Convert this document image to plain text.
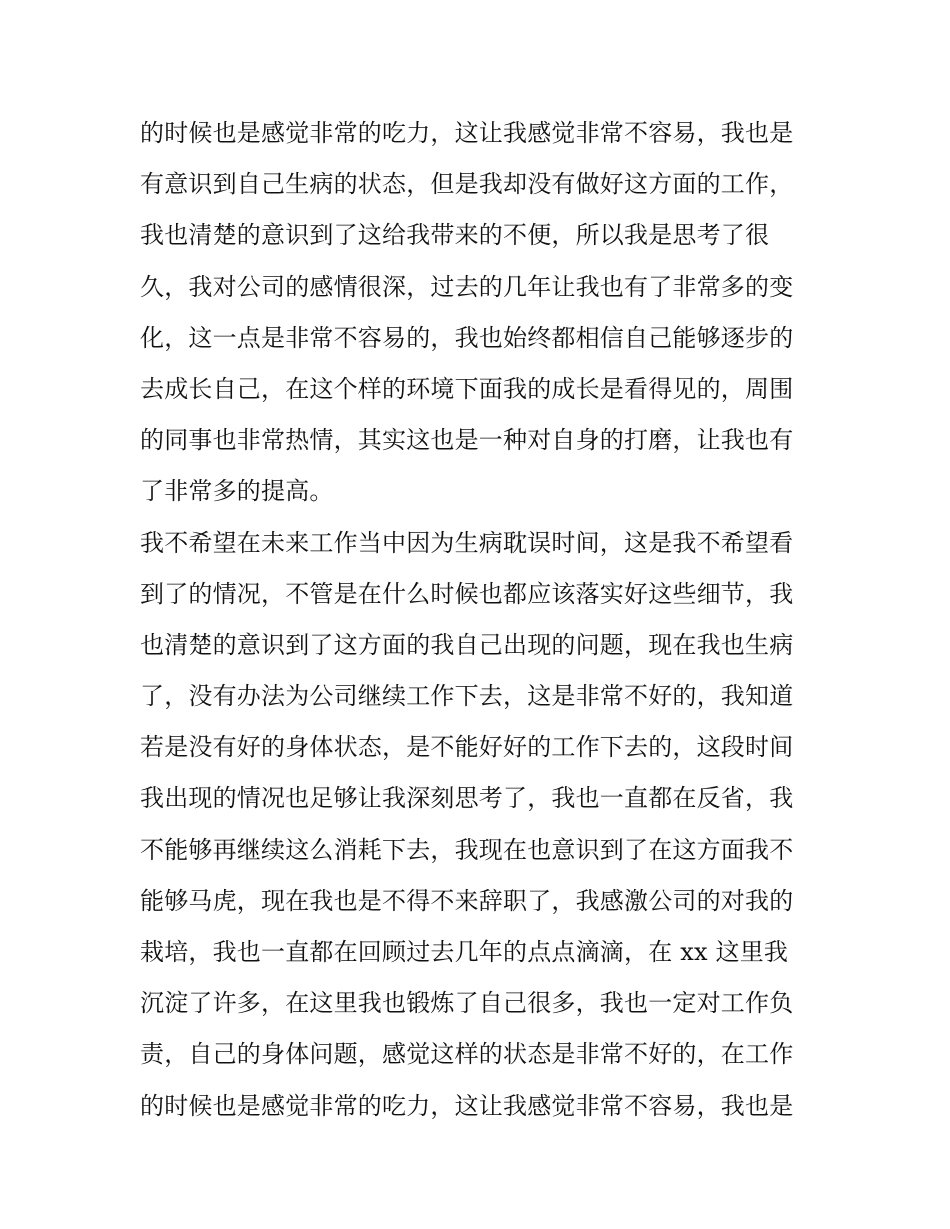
的时候也是感觉非常的吃力，这让我感觉非常不容易，我也是
有意识到自己生病的状态，但是我却没有做好这方面的工作，
我也清楚的意识到了这给我带来的不便，所以我是思考了很
久，我对公司的感情很深，过去的几年让我也有了非常多的变
化，这一点是非常不容易的，我也始终都相信自己能够逐步的
去成长自己，在这个样的环境下面我的成长是看得见的，周围
的同事也非常热情，其实这也是一种对自身的打磨，让我也有
了非常多的提高。
我不希望在未来工作当中因为生病耽误时间，这是我不希望看
到了的情况，不管是在什么时候也都应该落实好这些细节，我
也清楚的意识到了这方面的我自己出现的问题，现在我也生病
了，没有办法为公司继续工作下去，这是非常不好的，我知道
若是没有好的身体状态，是不能好好的工作下去的，这段时间
我出现的情况也足够让我深刻思考了，我也一直都在反省，我
不能够再继续这么消耗下去，我现在也意识到了在这方面我不
能够马虎，现在我也是不得不来辞职了，我感激公司的对我的
栽培，我也一直都在回顾过去几年的点点滴滴，在 xx 这里我
沉淀了许多，在这里我也锻炼了自己很多，我也一定对工作负
责，自己的身体问题，感觉这样的状态是非常不好的，在工作
的时候也是感觉非常的吃力，这让我感觉非常不容易，我也是
